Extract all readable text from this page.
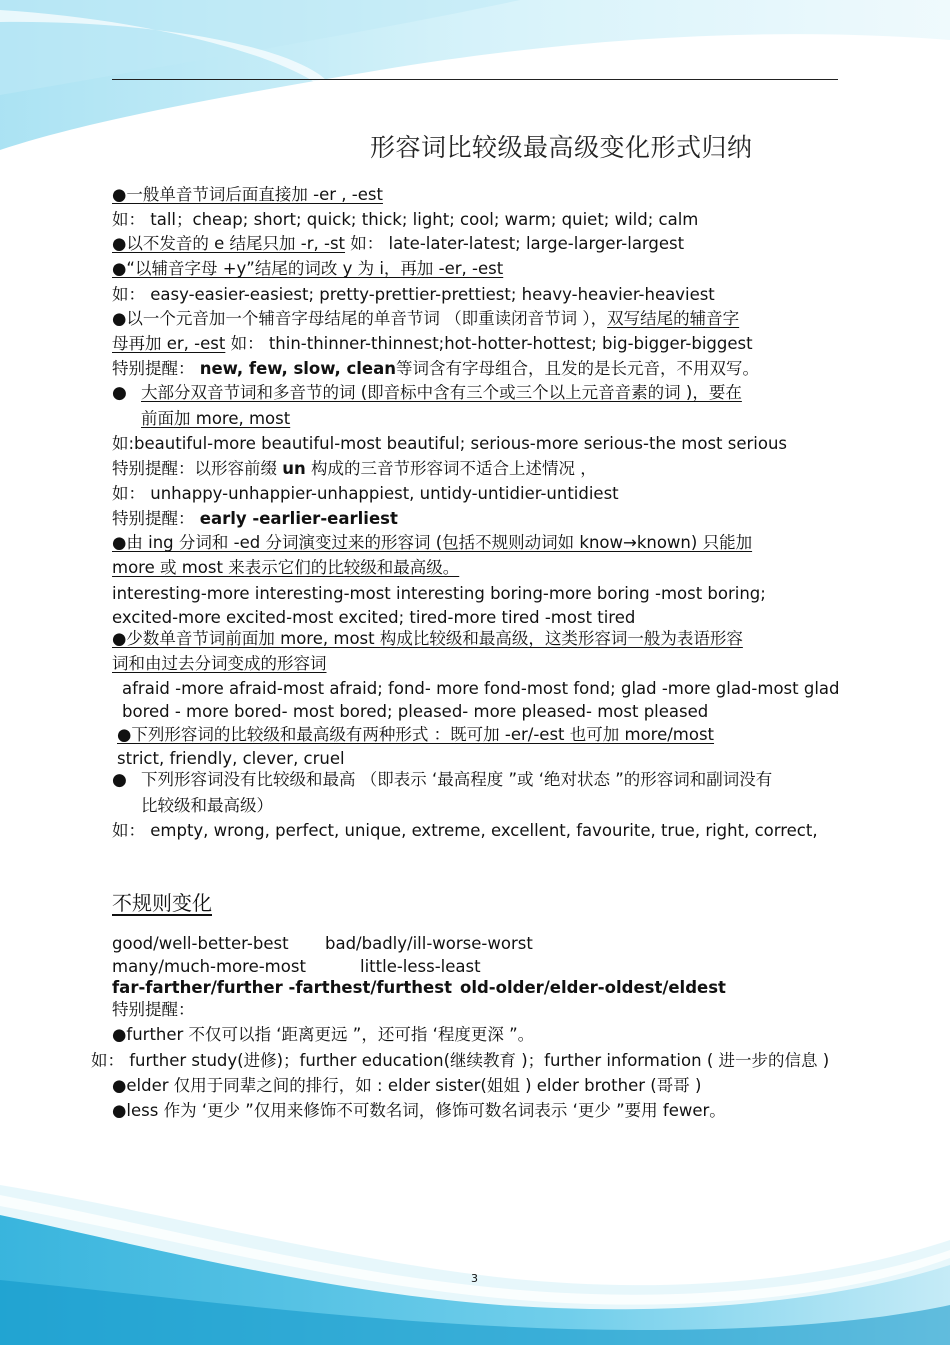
形容词比较级最高级变化形式归纳
●一般单音节词后面直接加 -er , -est
如： tall；cheap; short; quick; thick; light; cool; warm; quiet; wild; calm
●以不发音的 e 结尾只加 -r, -st 如： late-later-latest; large-larger-largest
●“以辅音字母 +y”结尾的词改 y 为 i，再加 -er, -est
如： easy-easier-easiest; pretty-prettier-prettiest; heavy-heavier-heaviest
●以一个元音加一个辅音字母结尾的单音节词 （即重读闭音节词 ），双写结尾的辅音字
母再加 er, -est 如： thin-thinner-thinnest;hot-hotter-hottest; big-bigger-biggest
特别提醒： new, few, slow, clean等词含有字母组合，且发的是长元音，不用双写。
● 大部分双音节词和多音节的词 (即音标中含有三个或三个以上元音音素的词 )，要在
前面加 more, most
如:beautiful-more beautiful-most beautiful; serious-more serious-the most serious
特别提醒：以形容前缀 un 构成的三音节形容词不适合上述情况 ，
如： unhappy-unhappier-unhappiest, untidy-untidier-untidiest
特别提醒： early -earlier-earliest
●由 ing 分词和 -ed 分词演变过来的形容词 (包括不规则动词如 know→known) 只能加
more 或 most 来表示它们的比较级和最高级。
interesting-more interesting-most interesting boring-more boring -most boring;
excited-more excited-most excited; tired-more tired -most tired
●少数单音节词前面加 more, most 构成比较级和最高级，这类形容词一般为表语形容
词和由过去分词变成的形容词
afraid -more afraid-most afraid; fond- more fond-most fond; glad -more glad-most glad
bored - more bored- most bored; pleased- more pleased- most pleased
●下列形容词的比较级和最高级有两种形式 ：既可加 -er/-est 也可加 more/most
strict, friendly, clever, cruel
● 下列形容词没有比较级和最高 （即表示 ‘最高程度 ”或 ‘绝对状态 ”的形容词和副词没有
比较级和最高级）
如： empty, wrong, perfect, unique, extreme, excellent, favourite, true, right, correct,
不规则变化
good/well-better-best bad/badly/ill-worse-worst
many/much-more-most	little-less-least
far-farther/further -farthest/furthest old-older/elder-oldest/eldest
特别提醒：
●further 不仅可以指 ‘距离更远 ”，还可指 ‘程度更深 ”。
如： further study(进修)；further education(继续教育 )；further information ( 进一步的信息 )
●elder 仅用于同辈之间的排行，如 : elder sister(姐姐 ) elder brother (哥哥 )
●less 作为 ‘更少 ”仅用来修饰不可数名词，修饰可数名词表示 ‘更少 ”要用 fewer。
3
